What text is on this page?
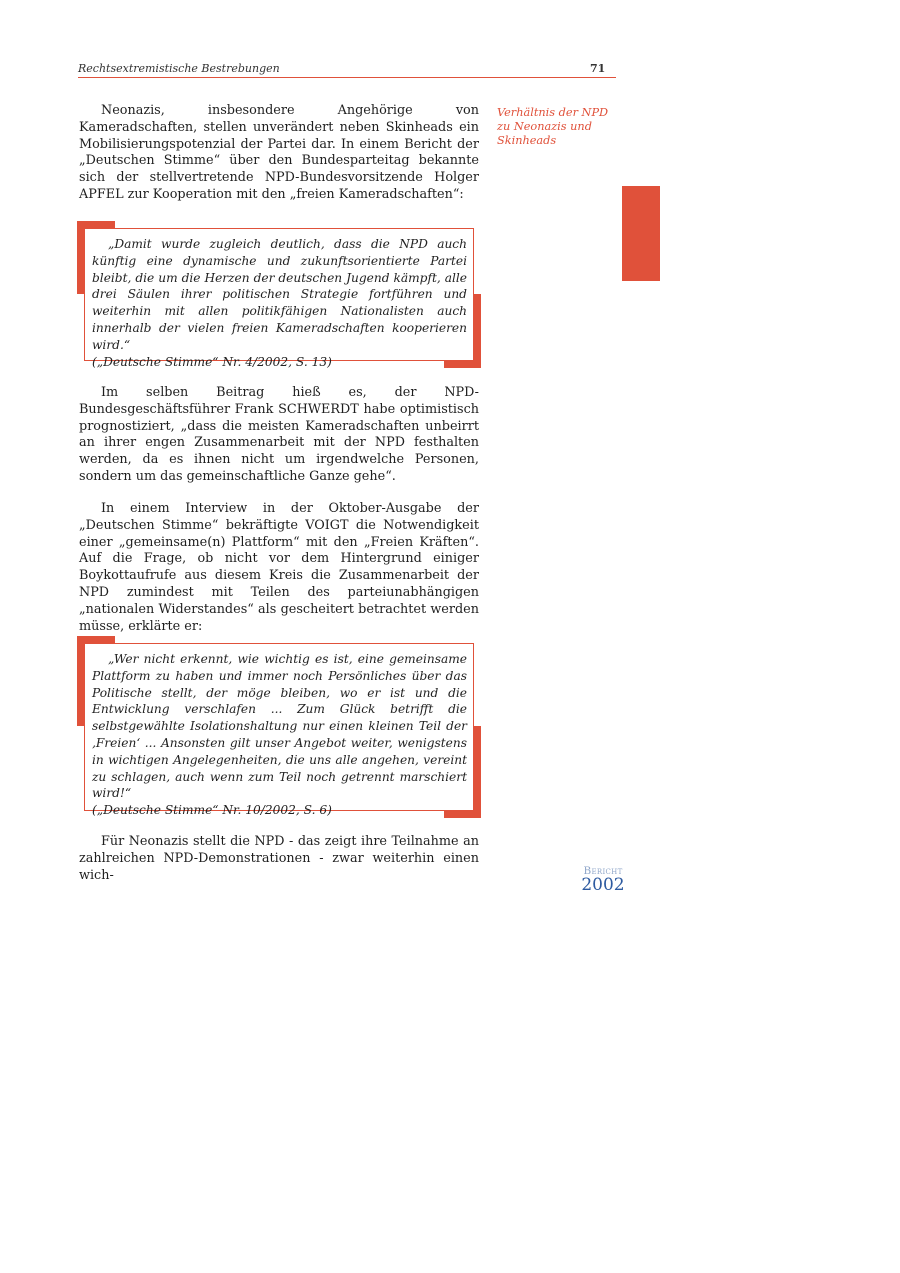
Rechtsextremistische Bestrebungen	71
Verhältnis der NPD
zu Neonazis und
Skinheads

Neonazis, insbesondere Angehörige von Kameradschaften, stellen unverändert neben Skinheads ein Mobilisierungspotenzial der Partei dar. In einem Bericht der „Deutschen Stimme“ über den Bundesparteitag bekannte sich der stellvertretende NPD-Bundesvorsitzende Holger APFEL zur Kooperation mit den „freien Kameradschaften“:

„Damit wurde zugleich deutlich, dass die NPD auch künftig eine dynamische und zukunftsorientierte Partei bleibt, die um die Herzen der deutschen Jugend kämpft, alle drei Säulen ihrer politischen Strategie fortführen und weiterhin mit allen politikfähigen Nationalisten auch innerhalb der vielen freien Kameradschaften kooperieren wird.“
(„Deutsche Stimme“ Nr. 4/2002, S. 13)

Im selben Beitrag hieß es, der NPD-Bundesgeschäftsführer Frank SCHWERDT habe optimistisch prognostiziert, „dass die meisten Kameradschaften unbeirrt an ihrer engen Zusammenarbeit mit der NPD festhalten werden, da es ihnen nicht um irgendwelche Personen, sondern um das gemeinschaftliche Ganze gehe“.

In einem Interview in der Oktober-Ausgabe der „Deutschen Stimme“ bekräftigte VOIGT die Notwendigkeit einer „gemeinsame(n) Plattform“ mit den „Freien Kräften“. Auf die Frage, ob nicht vor dem Hintergrund einiger Boykottaufrufe aus diesem Kreis die Zusammenarbeit der NPD zumindest mit Teilen des parteiunabhängigen „nationalen Widerstandes“ als gescheitert betrachtet werden müsse, erklärte er:

„Wer nicht erkennt, wie wichtig es ist, eine gemeinsame Plattform zu haben und immer noch Persönliches über das Politische stellt, der möge bleiben, wo er ist und die Entwicklung verschlafen ... Zum Glück betrifft die selbstgewählte Isolationshaltung nur einen kleinen Teil der ‚Freien‘ ... Ansonsten gilt unser Angebot weiter, wenigstens in wichtigen Angelegenheiten, die uns alle angehen, vereint zu schlagen, auch wenn zum Teil noch getrennt marschiert wird!“
(„Deutsche Stimme“ Nr. 10/2002, S. 6)

Für Neonazis stellt die NPD - das zeigt ihre Teilnahme an zahlreichen NPD-Demonstrationen - zwar weiterhin einen wich-	Bericht
2002
